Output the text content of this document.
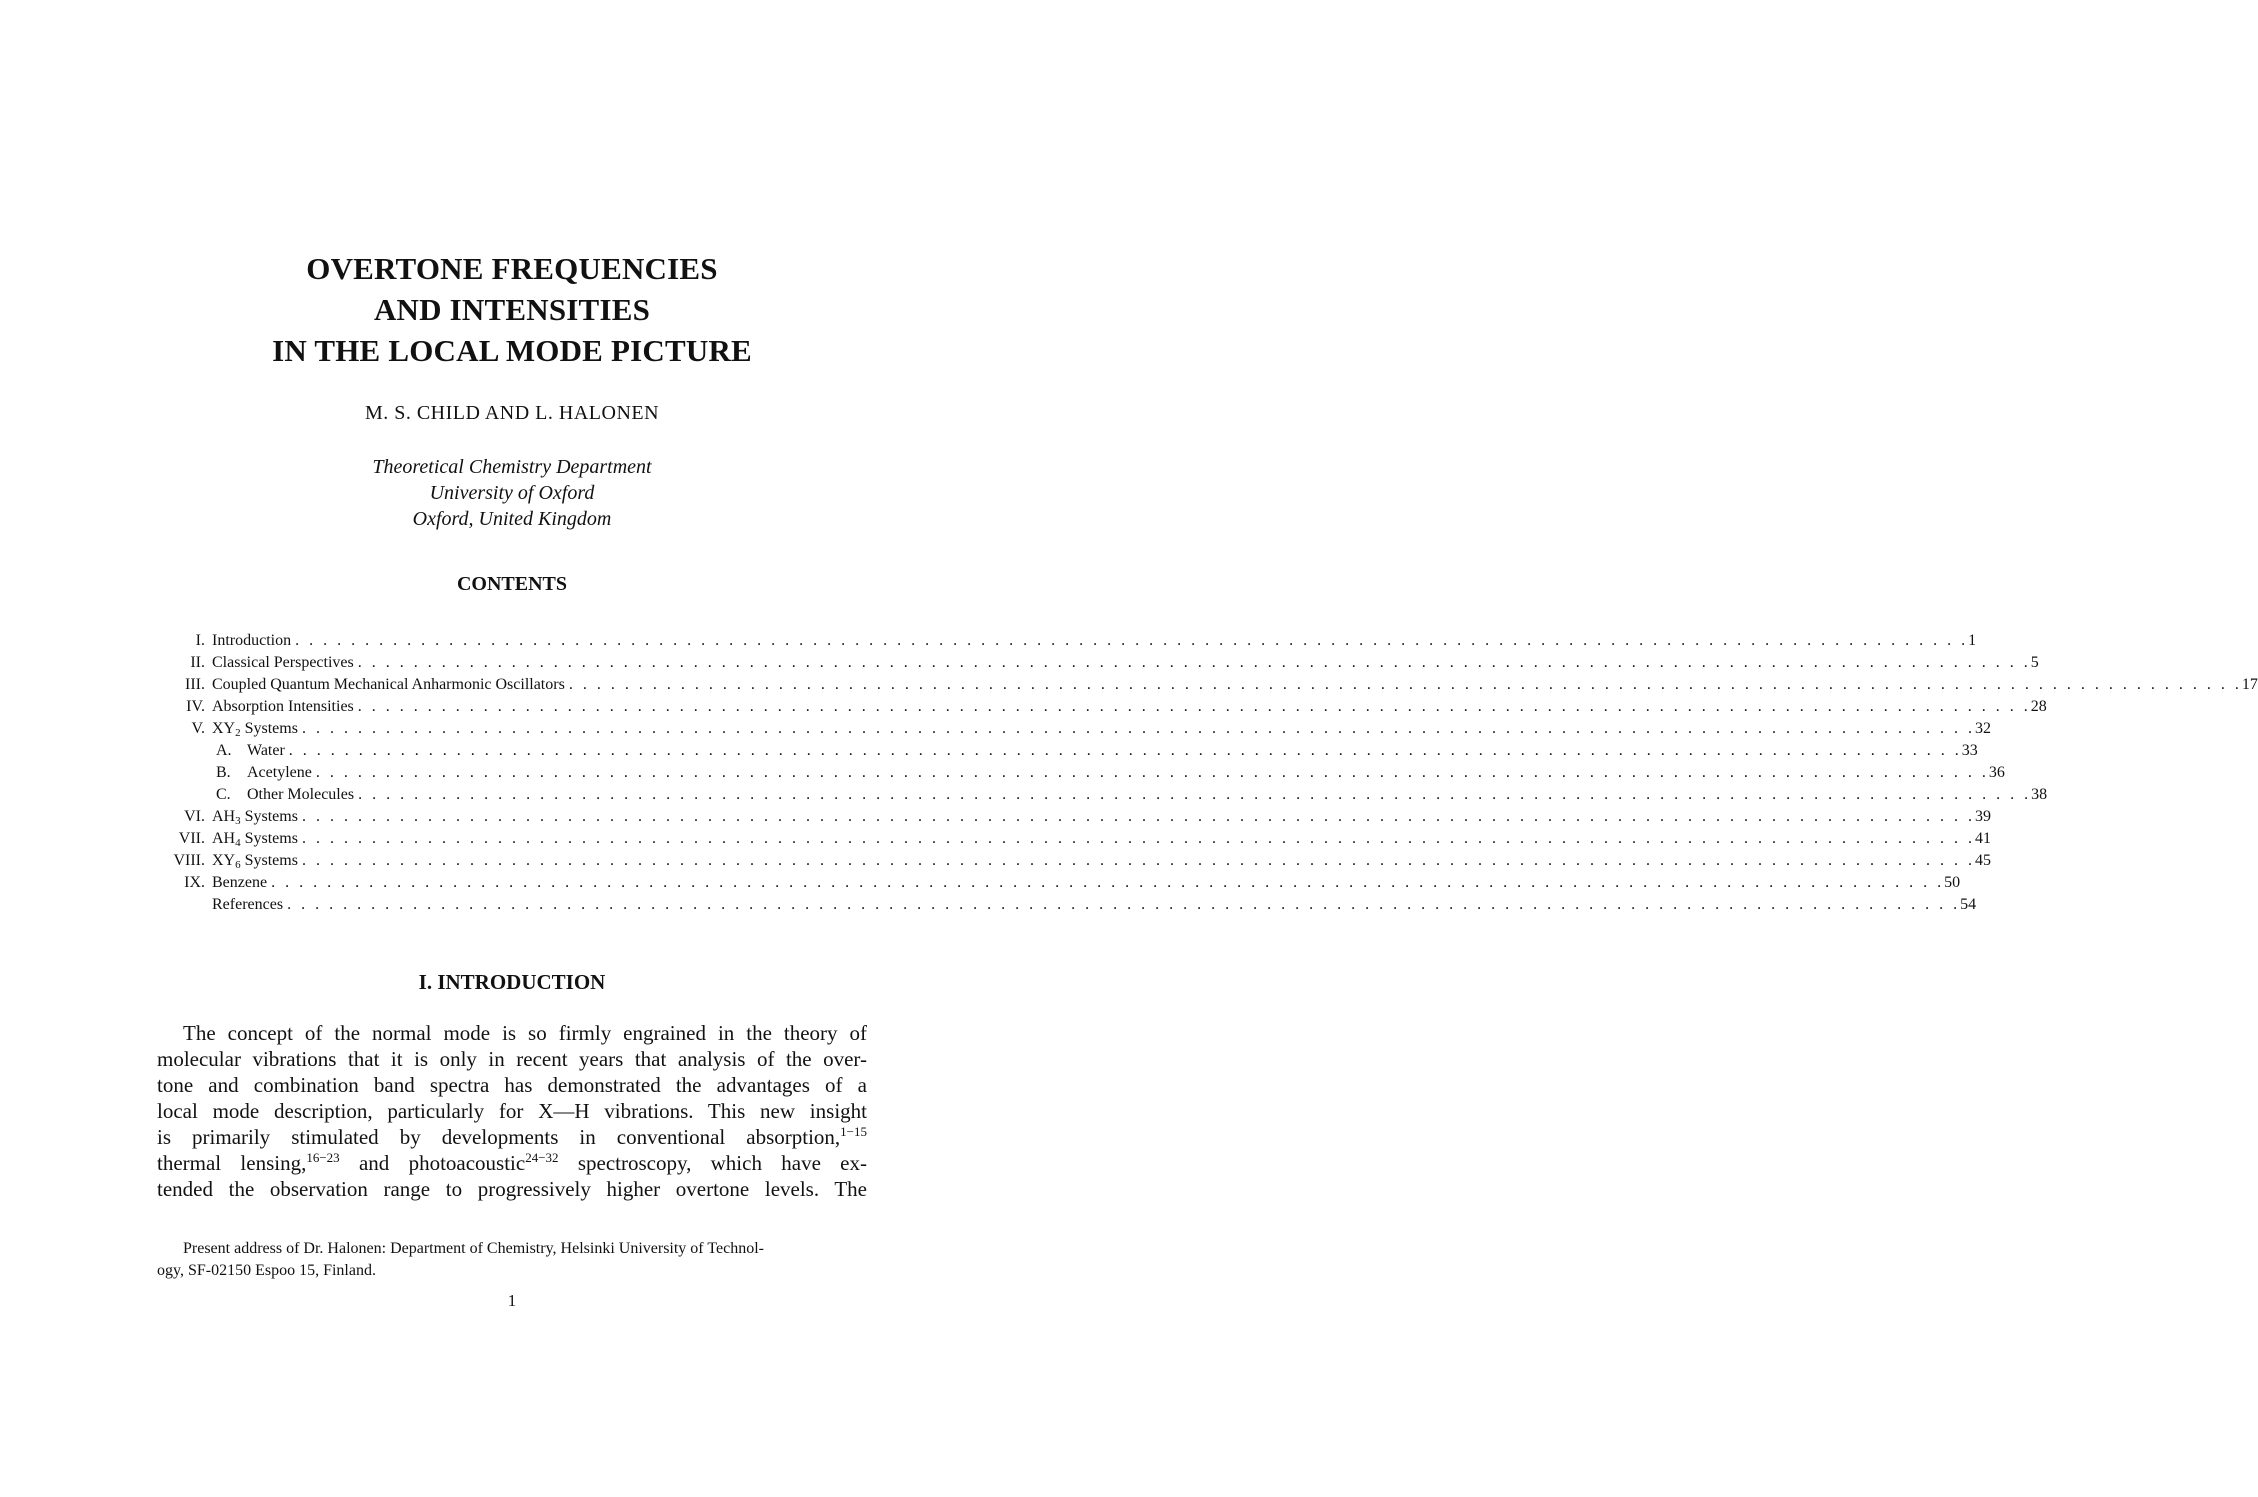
OVERTONE FREQUENCIES
AND INTENSITIES
IN THE LOCAL MODE PICTURE
M. S. CHILD AND L. HALONEN
Theoretical Chemistry Department
University of Oxford
Oxford, United Kingdom
CONTENTS
I. Introduction . . . . . . . . . . . . . . . . . . . . . . . . . . . . . . . . . . . . . . . . . . . . . . . . . . . . . . . . . . . . . . . . . . . . . . . . . . . . . . . . . . . . . . . . . . . . . . . . . . . . . . . . . . . . . . . . . . . . . . . . 1
II. Classical Perspectives . . . . . . . . . . . . . . . . . . . . . . . . . . . . . . . . . . . . . . . . . . . . . . . . . . . . . . . . . . . . . . . . . . . . . . . . . . . . . . . . . . . . . . . . . . . . . . . . . . . . . . . . . . . . . . . . . . . . . . . . 5
III. Coupled Quantum Mechanical Anharmonic Oscillators . . . . . . . . . . . . . . . . . . . . . . . . . . . . . . . . . . . . . . . . . . . . . . . . . . . . . . . . . . . . . . . . . . . . . . . . . . . . . . . . . . . . . . . . . . . . . . . . . . . . . . . . . . . . . . . . . . . . . . . . 17
IV. Absorption Intensities . . . . . . . . . . . . . . . . . . . . . . . . . . . . . . . . . . . . . . . . . . . . . . . . . . . . . . . . . . . . . . . . . . . . . . . . . . . . . . . . . . . . . . . . . . . . . . . . . . . . . . . . . . . . . . . . . . . . . . . . 28
V. $XY_2$ Systems . . . . . . . . . . . . . . . . . . . . . . . . . . . . . . . . . . . . . . . . . . . . . . . . . . . . . . . . . . . . . . . . . . . . . . . . . . . . . . . . . . . . . . . . . . . . . . . . . . . . . . . . . . . . . . . . . . . . . . . . 32
A. Water . . . . . . . . . . . . . . . . . . . . . . . . . . . . . . . . . . . . . . . . . . . . . . . . . . . . . . . . . . . . . . . . . . . . . . . . . . . . . . . . . . . . . . . . . . . . . . . . . . . . . . . . . . . . . . . . . . . . . . . . 33
B. Acetylene . . . . . . . . . . . . . . . . . . . . . . . . . . . . . . . . . . . . . . . . . . . . . . . . . . . . . . . . . . . . . . . . . . . . . . . . . . . . . . . . . . . . . . . . . . . . . . . . . . . . . . . . . . . . . . . . . . . . . . . . 36
C. Other Molecules . . . . . . . . . . . . . . . . . . . . . . . . . . . . . . . . . . . . . . . . . . . . . . . . . . . . . . . . . . . . . . . . . . . . . . . . . . . . . . . . . . . . . . . . . . . . . . . . . . . . . . . . . . . . . . . . . . . . . . . . 38
VI. $AH_3$ Systems . . . . . . . . . . . . . . . . . . . . . . . . . . . . . . . . . . . . . . . . . . . . . . . . . . . . . . . . . . . . . . . . . . . . . . . . . . . . . . . . . . . . . . . . . . . . . . . . . . . . . . . . . . . . . . . . . . . . . . . . 39
VII. $AH_4$ Systems . . . . . . . . . . . . . . . . . . . . . . . . . . . . . . . . . . . . . . . . . . . . . . . . . . . . . . . . . . . . . . . . . . . . . . . . . . . . . . . . . . . . . . . . . . . . . . . . . . . . . . . . . . . . . . . . . . . . . . . . 41
VIII. $XY_6$ Systems . . . . . . . . . . . . . . . . . . . . . . . . . . . . . . . . . . . . . . . . . . . . . . . . . . . . . . . . . . . . . . . . . . . . . . . . . . . . . . . . . . . . . . . . . . . . . . . . . . . . . . . . . . . . . . . . . . . . . . . . 45
IX. Benzene . . . . . . . . . . . . . . . . . . . . . . . . . . . . . . . . . . . . . . . . . . . . . . . . . . . . . . . . . . . . . . . . . . . . . . . . . . . . . . . . . . . . . . . . . . . . . . . . . . . . . . . . . . . . . . . . . . . . . . . . 50
References . . . . . . . . . . . . . . . . . . . . . . . . . . . . . . . . . . . . . . . . . . . . . . . . . . . . . . . . . . . . . . . . . . . . . . . . . . . . . . . . . . . . . . . . . . . . . . . . . . . . . . . . . . . . . . . . . . . . . . . . 54
I. INTRODUCTION
The concept of the normal mode is so firmly engrained in the theory of
molecular vibrations that it is only in recent years that analysis of the over-
tone and combination band spectra has demonstrated the advantages of a
local mode description, particularly for X—H vibrations. This new insight
is primarily stimulated by developments in conventional absorption,$^{1-15}$
thermal lensing,$^{16-23}$ and photoacoustic$^{24-32}$ spectroscopy, which have ex-
tended the observation range to progressively higher overtone levels. The
Present address of Dr. Halonen: Department of Chemistry, Helsinki University of Technol-
ogy, SF-02150 Espoo 15, Finland.
1
